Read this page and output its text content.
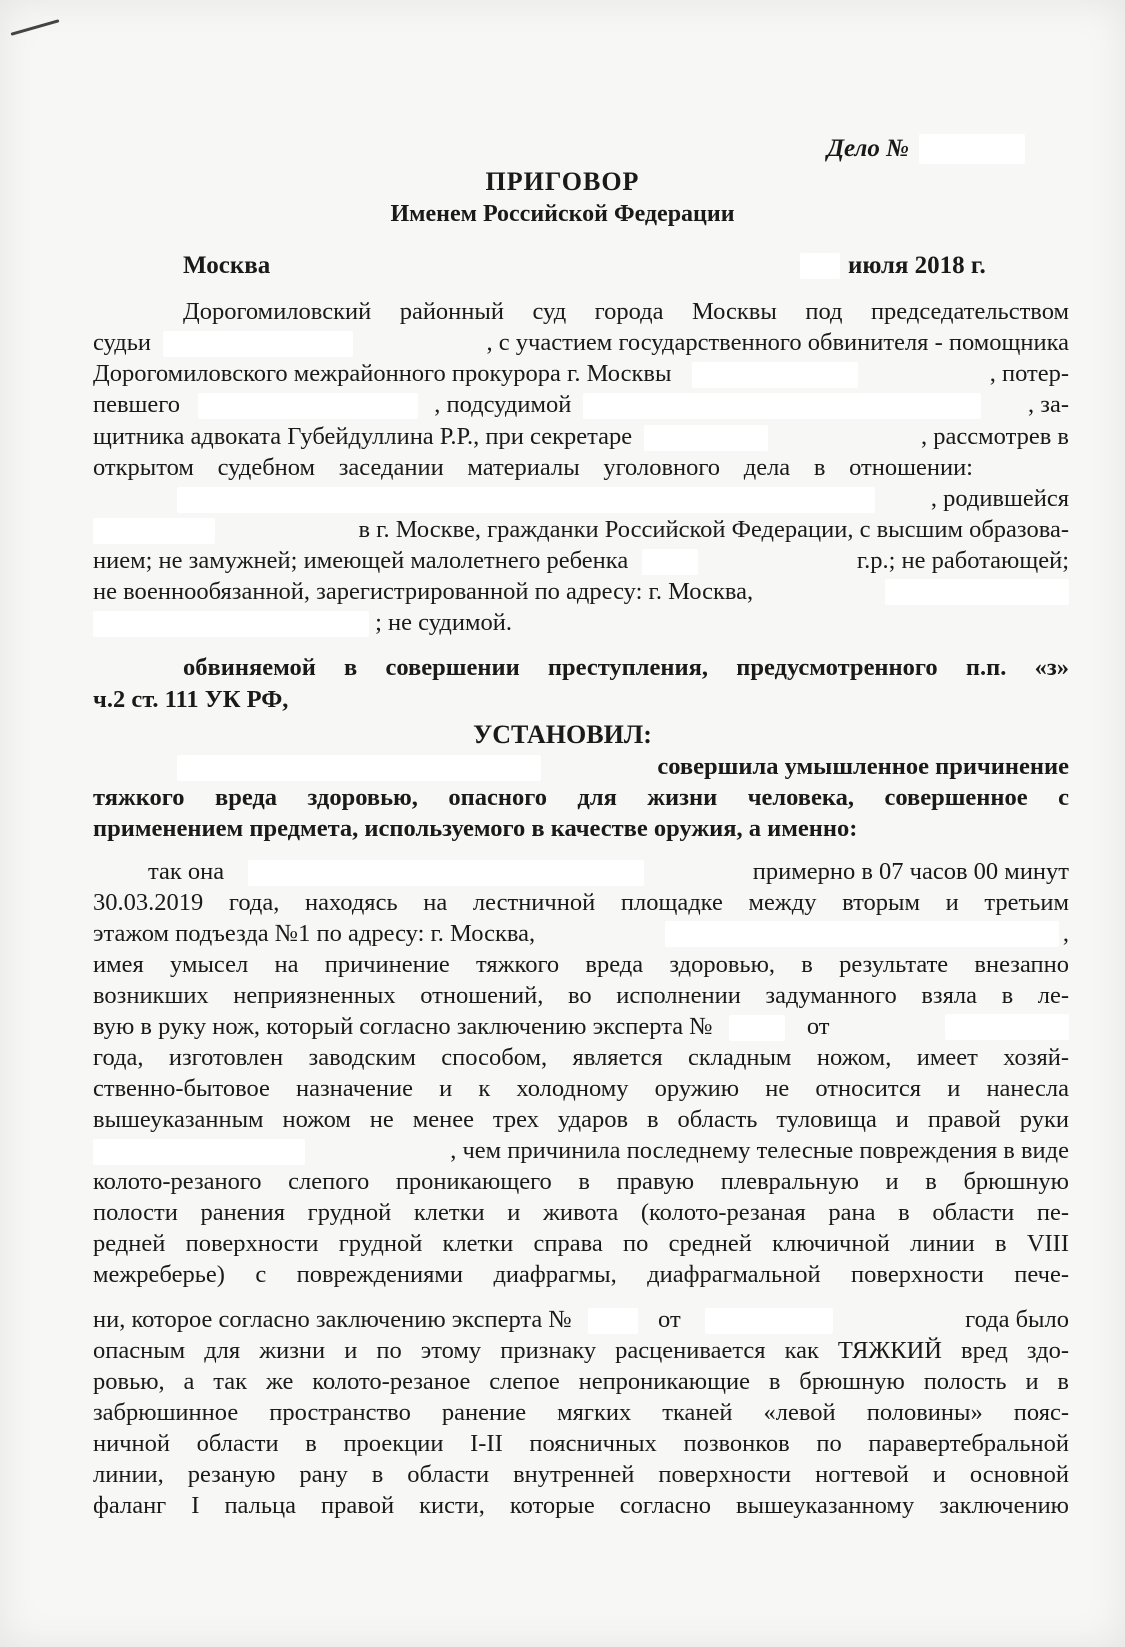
Дело №
ПРИГОВОР
Именем Российской Федерации
Москва	июля 2018 г.
Дорогомиловский районный суд города Москвы под председательством
судьи	, с участием государственного обвинителя - помощника
Дорогомиловского межрайонного прокурора г. Москвы	, потер-
певшего	, подсудимой	, за-
щитника адвоката Губейдуллина Р.Р., при секретаре	, рассмотрев в
открытом судебном заседании материалы уголовного дела в отношении:
, родившейся
в г. Москве, гражданки Российской Федерации, с высшим образова-
нием; не замужней; имеющей малолетнего ребенка	г.р.; не работающей;
не военнообязанной, зарегистрированной по адресу: г. Москва,
; не судимой.
обвиняемой в совершении преступления, предусмотренного п.п. «з»
ч.2 ст. 111 УК РФ,
УСТАНОВИЛ:
совершила умышленное причинение
тяжкого вреда здоровью, опасного для жизни человека, совершенное с
применением предмета, используемого в качестве оружия, а именно:
так она	примерно в 07 часов 00 минут
30.03.2019 года, находясь на лестничной площадке между вторым и третьим
этажом подъезда №1 по адресу: г. Москва,	,
имея умысел на причинение тяжкого вреда здоровью, в результате внезапно
возникших неприязненных отношений, во исполнении задуманного взяла в ле-
вую в руку нож, который согласно заключению эксперта №	от
года, изготовлен заводским способом, является складным ножом, имеет хозяй-
ственно-бытовое назначение и к холодному оружию не относится и нанесла
вышеуказанным ножом не менее трех ударов в область туловища и правой руки
, чем причинила последнему телесные повреждения в виде
колото-резаного слепого проникающего в правую плевральную и в брюшную
полости ранения грудной клетки и живота (колото-резаная рана в области пе-
редней поверхности грудной клетки справа по средней ключичной линии в VIII
межреберье) с повреждениями диафрагмы, диафрагмальной поверхности пече-
ни, которое согласно заключению эксперта №	от	года было
опасным для жизни и по этому признаку расценивается как ТЯЖКИЙ вред здо-
ровью, а так же колото-резаное слепое непроникающие в брюшную полость и в
забрюшинное пространство ранение мягких тканей «левой половины» пояс-
ничной области в проекции I-II поясничных позвонков по паравертебральной
линии, резаную рану в области внутренней поверхности ногтевой и основной
фаланг I пальца правой кисти, которые согласно вышеуказанному заключению
